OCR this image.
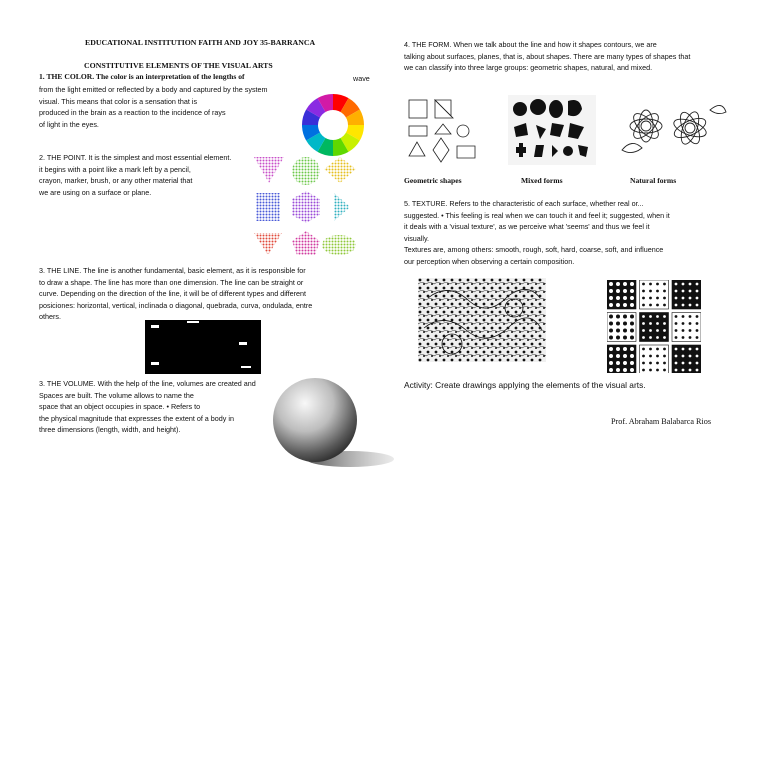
EDUCATIONAL INSTITUTION FAITH AND JOY 35-BARRANCA
CONSTITUTIVE ELEMENTS OF THE VISUAL ARTS
1. THE COLOR. The color is an interpretation of the lengths of	wave
from the light emitted or reflected by a body and captured by the system
visual. This means that color is a sensation that is
produced in the brain as a reaction to the incidence of rays
of light in the eyes.
2. THE POINT. It is the simplest and most essential element.
it begins with a point like a mark left by a pencil,
crayon, marker, brush, or any other material that
we are using on a surface or plane.
3. THE LINE. The line is another fundamental, basic element, as it is responsible for
to draw a shape. The line has more than one dimension. The line can be straight or
curve. Depending on the direction of the line, it will be of different types and different
posiciones: horizontal, vertical, inclinada o diagonal, quebrada, curva, ondulada, entre
others.
3. THE VOLUME. With the help of the line, volumes are created and
Spaces are built. The volume allows to name the
space that an object occupies in space. • Refers to
the physical magnitude that expresses the extent of a body in
three dimensions (length, width, and height).
4. THE FORM. When we talk about the line and how it shapes contours, we are
talking about surfaces, planes, that is, about shapes. There are many types of shapes that
we can classify into three large groups: geometric shapes, natural, and mixed.
Geometric shapes	Mixed forms	Natural forms
5. TEXTURE. Refers to the characteristic of each surface, whether real or...
suggested. • This feeling is real when we can touch it and feel it; suggested, when it
it deals with a 'visual texture', as we perceive what 'seems' and thus we feel it
visually.
Textures are, among others: smooth, rough, soft, hard, coarse, soft, and influence
our perception when observing a certain composition.
Activity: Create drawings applying the elements of the visual arts.
Prof. Abraham Balabarca Rios
